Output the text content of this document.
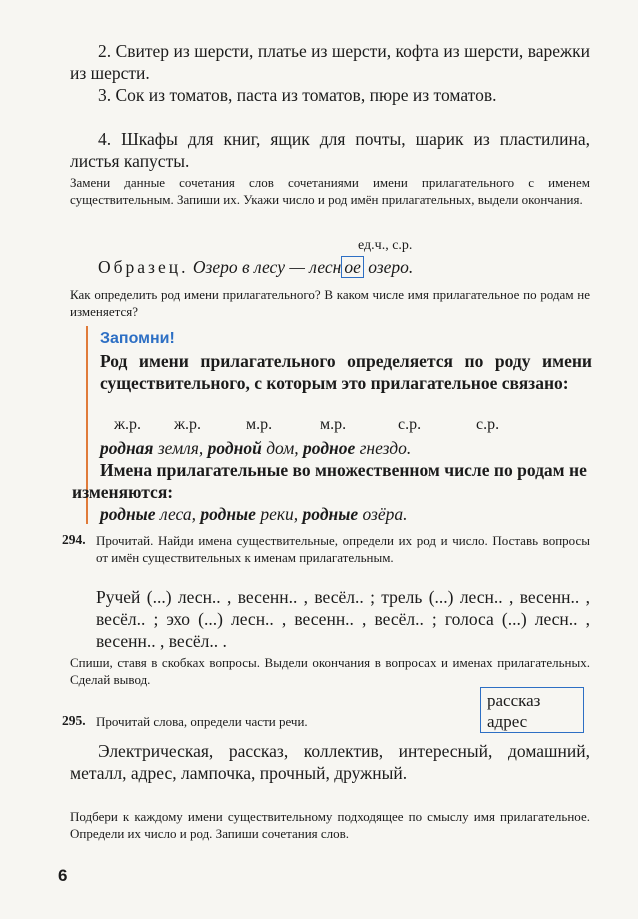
2. Свитер из шерсти, платье из шерсти, кофта из шерсти, варежки из шерсти.

3. Сок из томатов, паста из томатов, пюре из томатов.

4. Шкафы для книг, ящик для почты, шарик из пластилина, листья капусты.

Замени данные сочетания слов сочетаниями имени прилагательного с именем существительным. Запиши их. Укажи число и род имён прилагательных, выдели окончания.

ед.ч., с.р.

Образец. Озеро в лесу — лесн ое озеро.

Как определить род имени прилагательного? В каком числе имя прилагательное по родам не изменяется?

Запомни!

Род имени прилагательного определяется по роду имени существительного, с которым это прилагательное связано:

ж.р. ж.р.	м.р.	м.р.	с.р.	с.р.

родная земля, родной дом, родное гнездо.

Имена прилагательные во множественном числе по родам не изменяются:

родные леса, родные реки, родные озёра.

294. Прочитай. Найди имена существительные, определи их род и число. Поставь вопросы от имён существительных к именам прилагательным.

Ручей (...) лесн.. , весенн.. , весёл.. ; трель (...) лесн.. , весенн.. , весёл.. ; эхо (...) лесн.. , весенн.. , весёл.. ; голоса (...) лесн.. , весенн.. , весёл.. .

Спиши, ставя в скобках вопросы. Выдели окончания в вопросах и именах прилагательных. Сделай вывод.

рассказ
адрес
295. Прочитай слова, определи части речи.

Электрическая, рассказ, коллектив, интересный, домашний, металл, адрес, лампочка, прочный, дружный.

Подбери к каждому имени существительному подходящее по смыслу имя прилагательное. Определи их число и род. Запиши сочетания слов.

6
